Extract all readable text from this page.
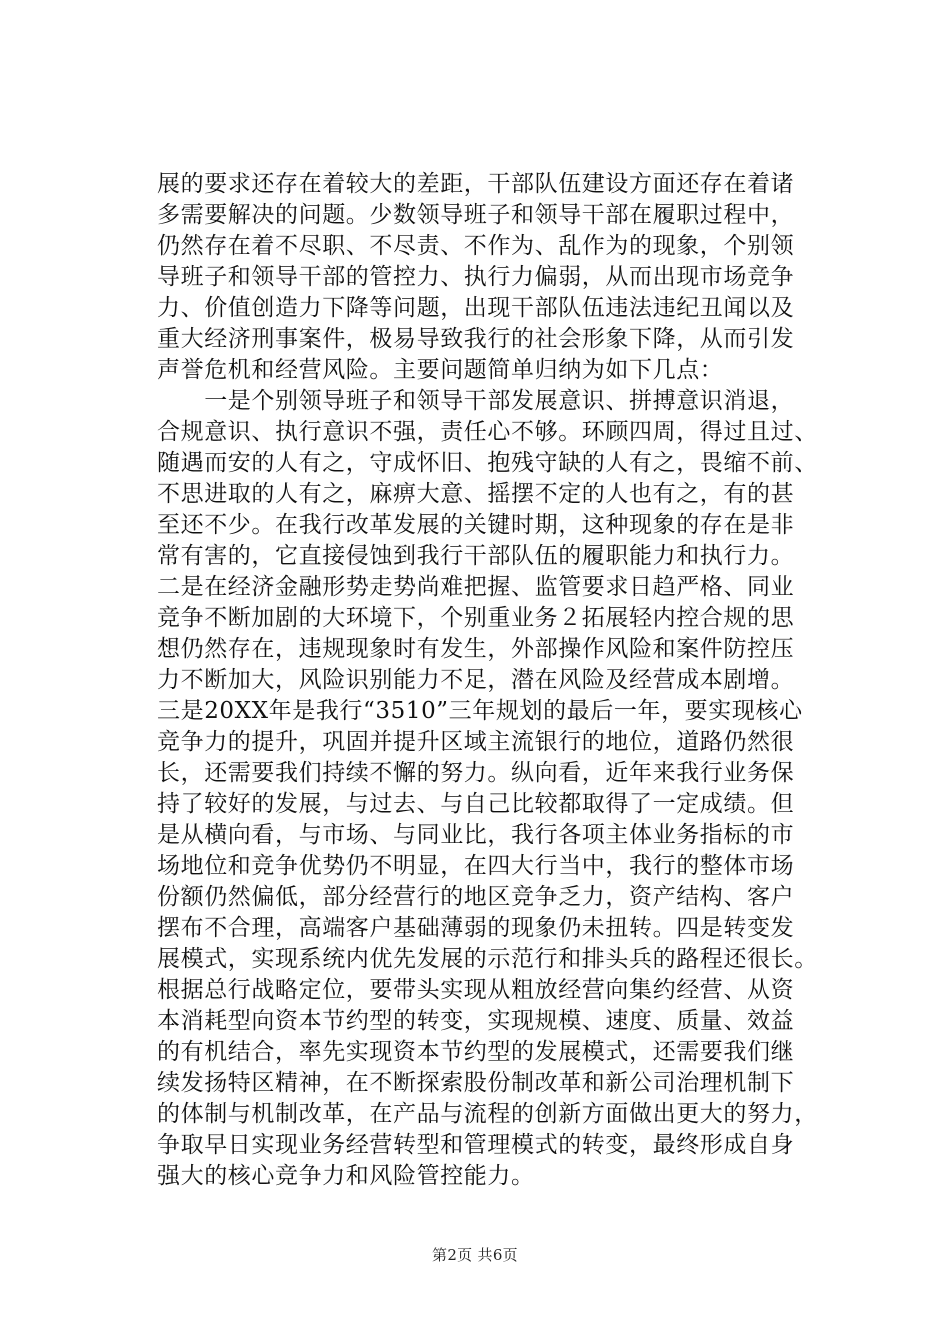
展的要求还存在着较大的差距，干部队伍建设方面还存在着诸
多需要解决的问题。少数领导班子和领导干部在履职过程中，
仍然存在着不尽职、不尽责、不作为、乱作为的现象，个别领
导班子和领导干部的管控力、执行力偏弱，从而出现市场竞争
力、价值创造力下降等问题，出现干部队伍违法违纪丑闻以及
重大经济刑事案件，极易导致我行的社会形象下降，从而引发
声誉危机和经营风险。主要问题简单归纳为如下几点：
　　一是个别领导班子和领导干部发展意识、拼搏意识消退，
合规意识、执行意识不强，责任心不够。环顾四周，得过且过、
随遇而安的人有之，守成怀旧、抱残守缺的人有之，畏缩不前、
不思进取的人有之，麻痹大意、摇摆不定的人也有之，有的甚
至还不少。在我行改革发展的关键时期，这种现象的存在是非
常有害的，它直接侵蚀到我行干部队伍的履职能力和执行力。
二是在经济金融形势走势尚难把握、监管要求日趋严格、同业
竞争不断加剧的大环境下，个别重业务２拓展轻内控合规的思
想仍然存在，违规现象时有发生，外部操作风险和案件防控压
力不断加大，风险识别能力不足，潜在风险及经营成本剧增。
三是20XX年是我行“3510”三年规划的最后一年，要实现核心
竞争力的提升，巩固并提升区域主流银行的地位，道路仍然很
长，还需要我们持续不懈的努力。纵向看，近年来我行业务保
持了较好的发展，与过去、与自己比较都取得了一定成绩。但
是从横向看，与市场、与同业比，我行各项主体业务指标的市
场地位和竞争优势仍不明显，在四大行当中，我行的整体市场
份额仍然偏低，部分经营行的地区竞争乏力，资产结构、客户
摆布不合理，高端客户基础薄弱的现象仍未扭转。四是转变发
展模式，实现系统内优先发展的示范行和排头兵的路程还很长。
根据总行战略定位，要带头实现从粗放经营向集约经营、从资
本消耗型向资本节约型的转变，实现规模、速度、质量、效益
的有机结合，率先实现资本节约型的发展模式，还需要我们继
续发扬特区精神，在不断探索股份制改革和新公司治理机制下
的体制与机制改革，在产品与流程的创新方面做出更大的努力，
争取早日实现业务经营转型和管理模式的转变，最终形成自身
强大的核心竞争力和风险管控能力。
第2页 共6页
